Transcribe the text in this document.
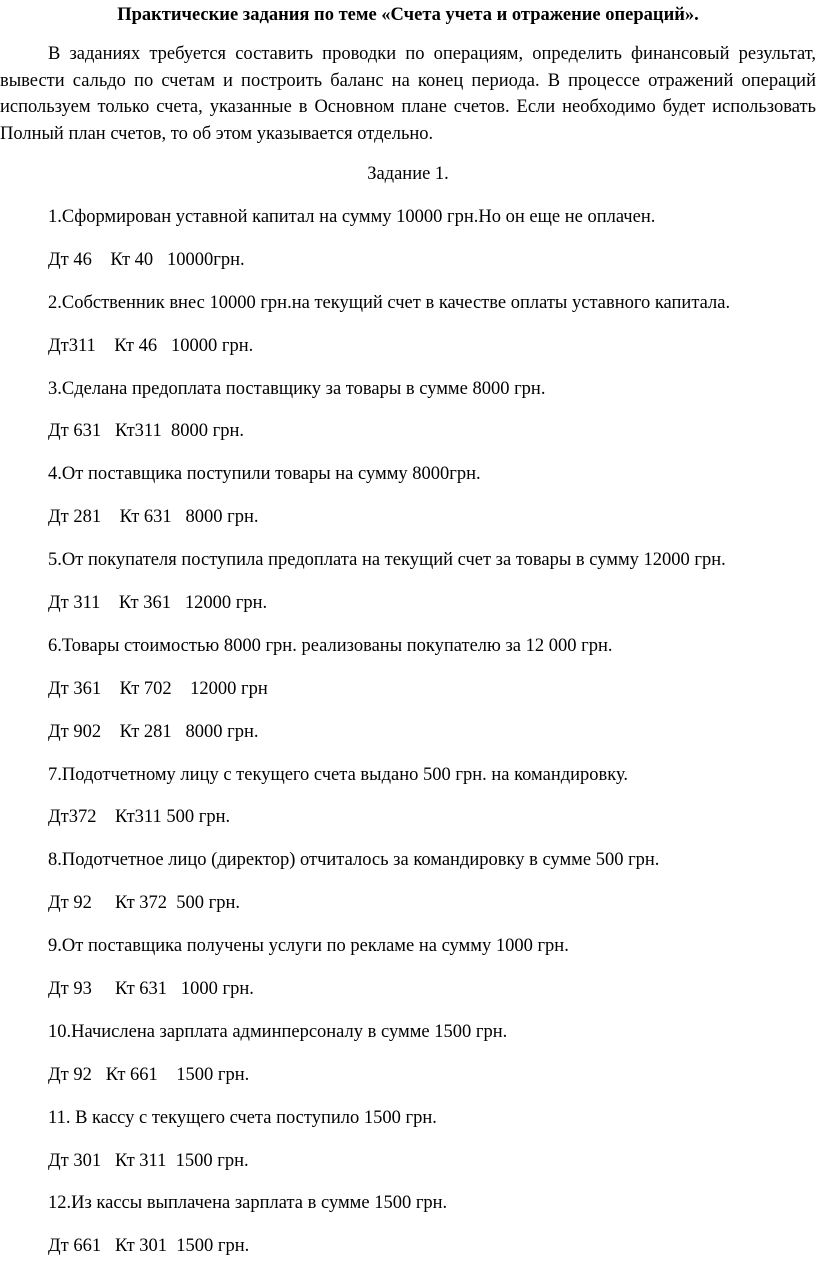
Практические задания по теме «Счета учета и отражение операций».
В заданиях требуется составить проводки по операциям, определить финансовый результат,
вывести сальдо по счетам и построить баланс на конец периода. В процессе отражений операций
используем только счета, указанные в Основном плане счетов. Если необходимо будет использовать
Полный план счетов, то об этом указывается отдельно.
Задание 1.
1.Сформирован уставной капитал на сумму 10000 грн.Но он еще не оплачен.
Дт 46    Кт 40   10000грн.
2.Собственник внес 10000 грн.на текущий счет в качестве оплаты уставного капитала.
Дт311    Кт 46   10000 грн.
3.Сделана предоплата поставщику за товары в сумме 8000 грн.
Дт 631   Кт311  8000 грн.
4.От поставщика поступили товары на сумму 8000грн.
Дт 281    Кт 631   8000 грн.
5.От покупателя поступила предоплата на текущий счет за товары в сумму 12000 грн.
Дт 311    Кт 361   12000 грн.
6.Товары стоимостью 8000 грн. реализованы покупателю за 12 000 грн.
Дт 361    Кт 702    12000 грн
Дт 902    Кт 281   8000 грн.
7.Подотчетному лицу с текущего счета выдано 500 грн. на командировку.
Дт372    Кт311 500 грн.
8.Подотчетное лицо (директор) отчиталось за командировку в сумме 500 грн.
Дт 92     Кт 372  500 грн.
9.От поставщика получены услуги по рекламе на сумму 1000 грн.
Дт 93     Кт 631   1000 грн.
10.Начислена зарплата админперсоналу в сумме 1500 грн.
Дт 92   Кт 661    1500 грн.
11. В кассу с текущего счета поступило 1500 грн.
Дт 301   Кт 311  1500 грн.
12.Из кассы выплачена зарплата в сумме 1500 грн.
Дт 661   Кт 301  1500 грн.
